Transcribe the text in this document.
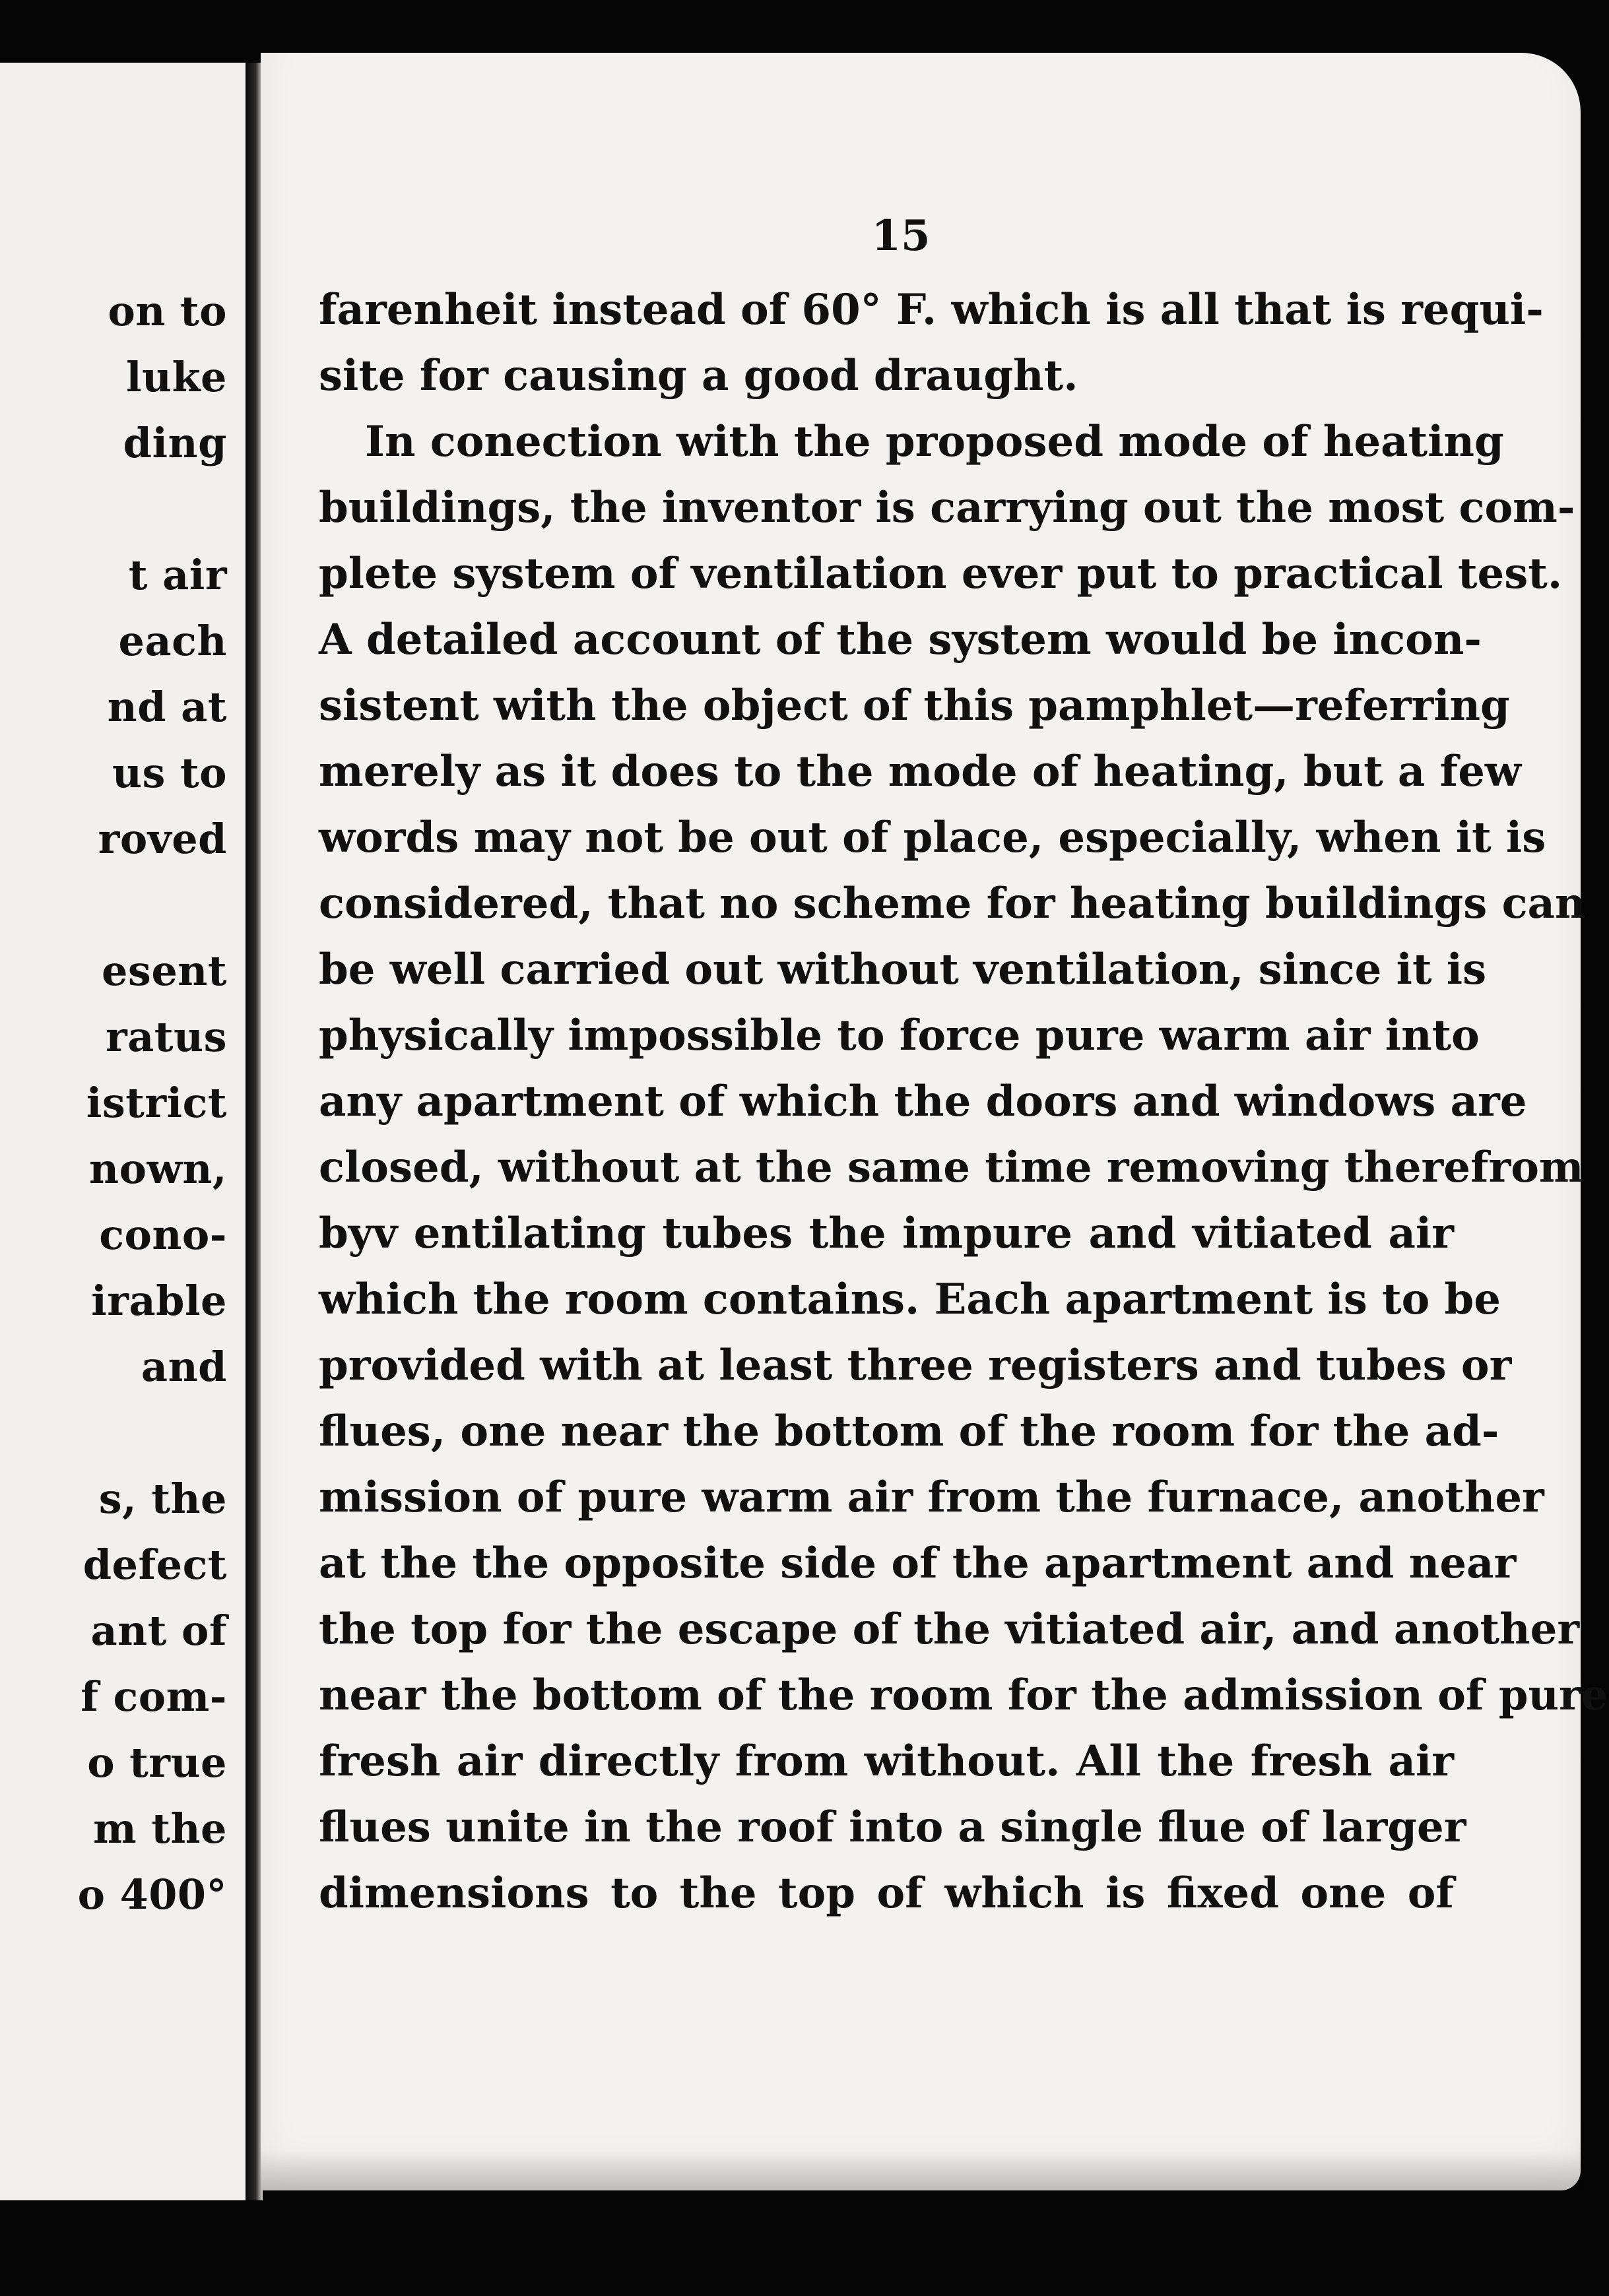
on to
luke
ding
t air
each
nd at
us to
roved
esent
ratus
istrict
nown,
cono-
irable
and
s, the
defect
ant of
f com-
o true
m the
o 400°
15
farenheit instead of 60° F. which is all that is requi-
site for causing a good draught.
In conection with the proposed mode of heating
buildings, the inventor is carrying out the most com-
plete system of ventilation ever put to practical test.
A detailed account of the system would be incon-
sistent with the object of this pamphlet—referring
merely as it does to the mode of heating, but a few
words may not be out of place, especially, when it is
considered, that no scheme for heating buildings can
be well carried out without ventilation, since it is
physically impossible to force pure warm air into
any apartment of which the doors and windows are
closed, without at the same time removing therefrom
byv entilating tubes the impure and vitiated air
which the room contains. Each apartment is to be
provided with at least three registers and tubes or
flues, one near the bottom of the room for the ad-
mission of pure warm air from the furnace, another
at the the opposite side of the apartment and near
the top for the escape of the vitiated air, and another
near the bottom of the room for the admission of pure
fresh air directly from without. All the fresh air
flues unite in the roof into a single flue of larger
dimensions to the top of which is fixed one of
